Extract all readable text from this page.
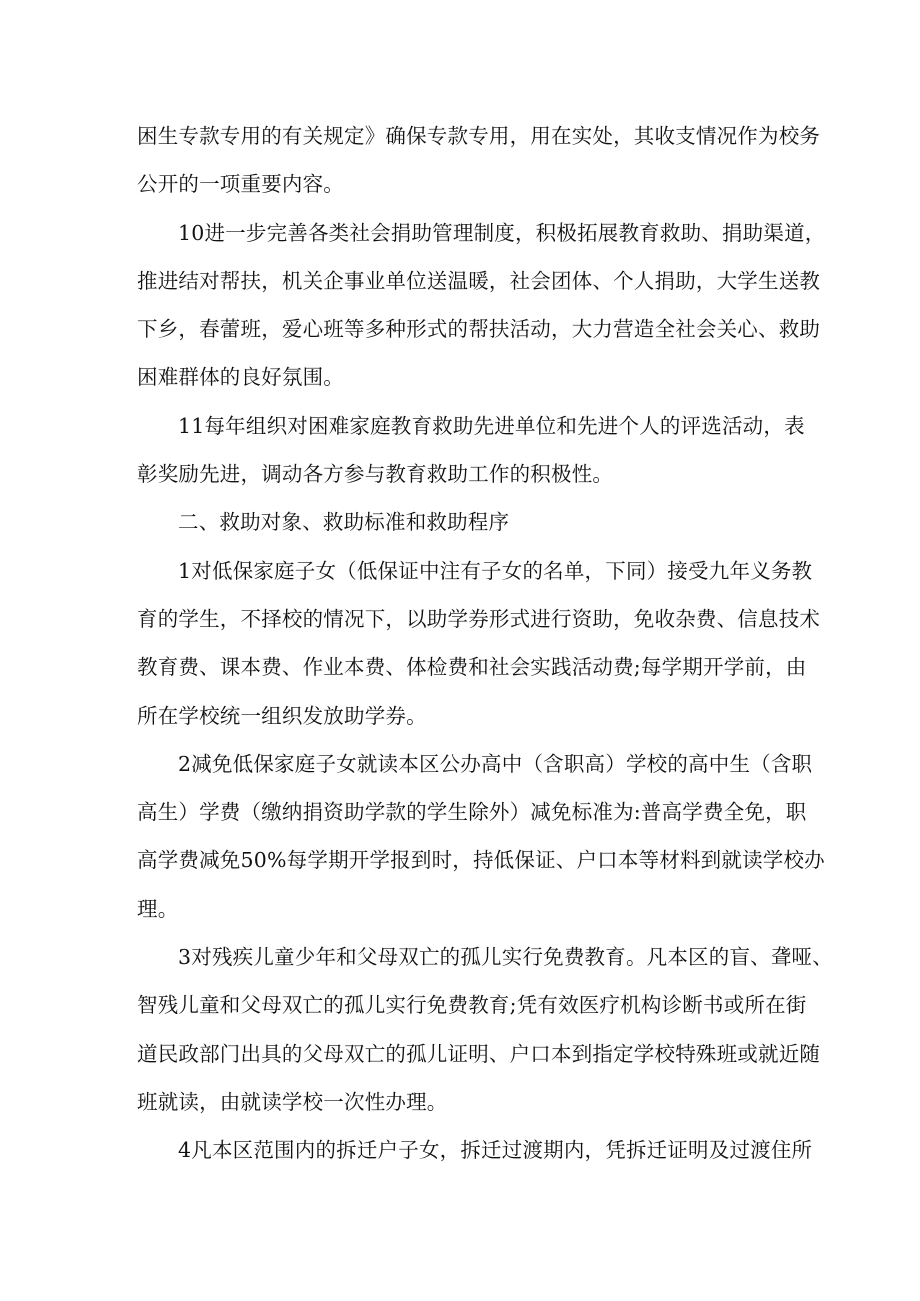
困生专款专用的有关规定》确保专款专用，用在实处，其收支情况作为校务
公开的一项重要内容。

10进一步完善各类社会捐助管理制度，积极拓展教育救助、捐助渠道，
推进结对帮扶，机关企事业单位送温暖，社会团体、个人捐助，大学生送教
下乡，春蕾班，爱心班等多种形式的帮扶活动，大力营造全社会关心、救助
困难群体的良好氛围。

11每年组织对困难家庭教育救助先进单位和先进个人的评选活动，表
彰奖励先进，调动各方参与教育救助工作的积极性。

二、救助对象、救助标准和救助程序

1对低保家庭子女（低保证中注有子女的名单，下同）接受九年义务教
育的学生，不择校的情况下，以助学券形式进行资助，免收杂费、信息技术
教育费、课本费、作业本费、体检费和社会实践活动费;每学期开学前，由
所在学校统一组织发放助学券。

2减免低保家庭子女就读本区公办高中（含职高）学校的高中生（含职
高生）学费（缴纳捐资助学款的学生除外）减免标准为:普高学费全免，职
高学费减免50%每学期开学报到时，持低保证、户口本等材料到就读学校办
理。

3对残疾儿童少年和父母双亡的孤儿实行免费教育。凡本区的盲、聋哑、
智残儿童和父母双亡的孤儿实行免费教育;凭有效医疗机构诊断书或所在街
道民政部门出具的父母双亡的孤儿证明、户口本到指定学校特殊班或就近随
班就读，由就读学校一次性办理。

4凡本区范围内的拆迁户子女，拆迁过渡期内，凭拆迁证明及过渡住所
